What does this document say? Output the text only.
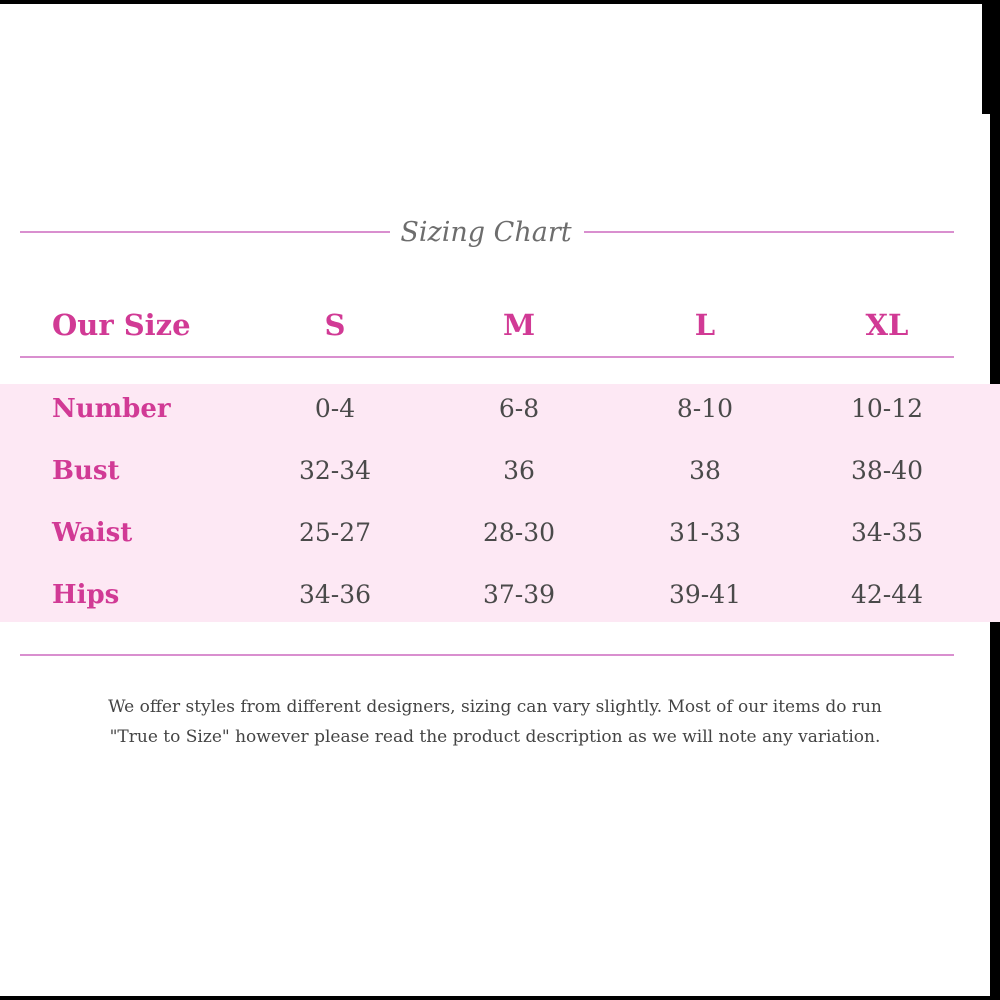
Sizing Chart
Our Size	S	M	L	XL
Number	0-4	6-8	8-10	10-12
Bust	32-34	36	38	38-40
Waist	25-27	28-30	31-33	34-35
Hips	34-36	37-39	39-41	42-44
We offer styles from different designers, sizing can vary slightly. Most of our items do run
"True to Size" however please read the product description as we will note any variation.
